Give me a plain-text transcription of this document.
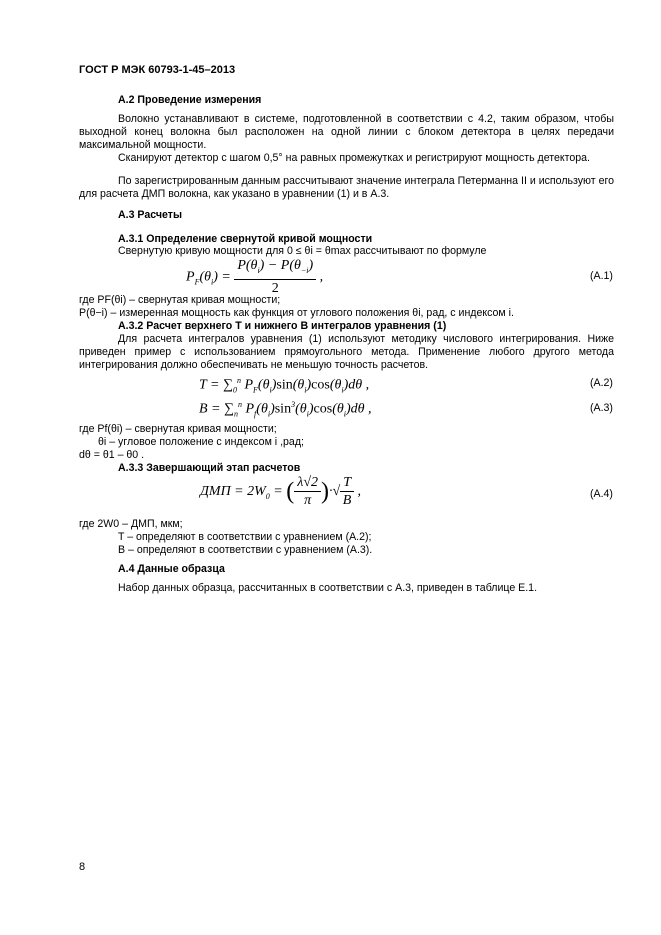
ГОСТ Р МЭК 60793-1-45–2013
А.2 Проведение измерения
Волокно устанавливают в системе, подготовленной в соответствии с 4.2, таким образом, чтобы выходной конец волокна был расположен на одной линии с блоком детектора в целях передачи максимальной мощности.
Сканируют детектор с шагом 0,5° на равных промежутках и регистрируют мощность детектора.
По зарегистрированным данным рассчитывают значение интеграла Петерманна II и используют его для расчета ДМП волокна, как указано в уравнении (1) и в А.3.
А.3 Расчеты
А.3.1 Определение свернутой кривой мощности
Свернутую кривую мощности для 0 ≤ θi = θmax рассчитывают по формуле
$P_F(\theta_i) = \frac{P(\theta_i) - P(\theta_{-i})}{2}$ ,	(А.1)
где PF(θi) – свернутая кривая мощности;
P(θ−i) – измеренная мощность как функция от углового положения θi, рад, с индексом i.
А.3.2 Расчет верхнего T и нижнего B интегралов уравнения (1)
Для расчета интегралов уравнения (1) используют методику числового интегрирования. Ниже приведен пример с использованием прямоугольного метода. Применение любого другого метода интегрирования должно обеспечивать не меньшую точность расчетов.
$T = \sum_0^n$ $P_F(\theta_i)\sin(\theta_i)\cos(\theta_i)d\theta$ ,	(А.2)
$B = \sum_n^n$ $P_f(\theta_i)\sin^3(\theta_i)\cos(\theta_i)d\theta$ ,	(А.3)
где Pf(θi) – свернутая кривая мощности;
θi – угловое положение с индексом i ,рад;
dθ = θ1 – θ0 .
А.3.3 Завершающий этап расчетов
ДМП = $2W_0$ = ( $\frac{\lambda√2}{\pi}$ )·√ $\frac{T}{B}$ ,	(А.4)
где 2W0 – ДМП, мкм;
T – определяют в соответствии с уравнением (А.2);
B – определяют в соответствии с уравнением (А.3).
А.4 Данные образца
Набор данных образца, рассчитанных в соответствии с А.3, приведен в таблице Е.1.
8
